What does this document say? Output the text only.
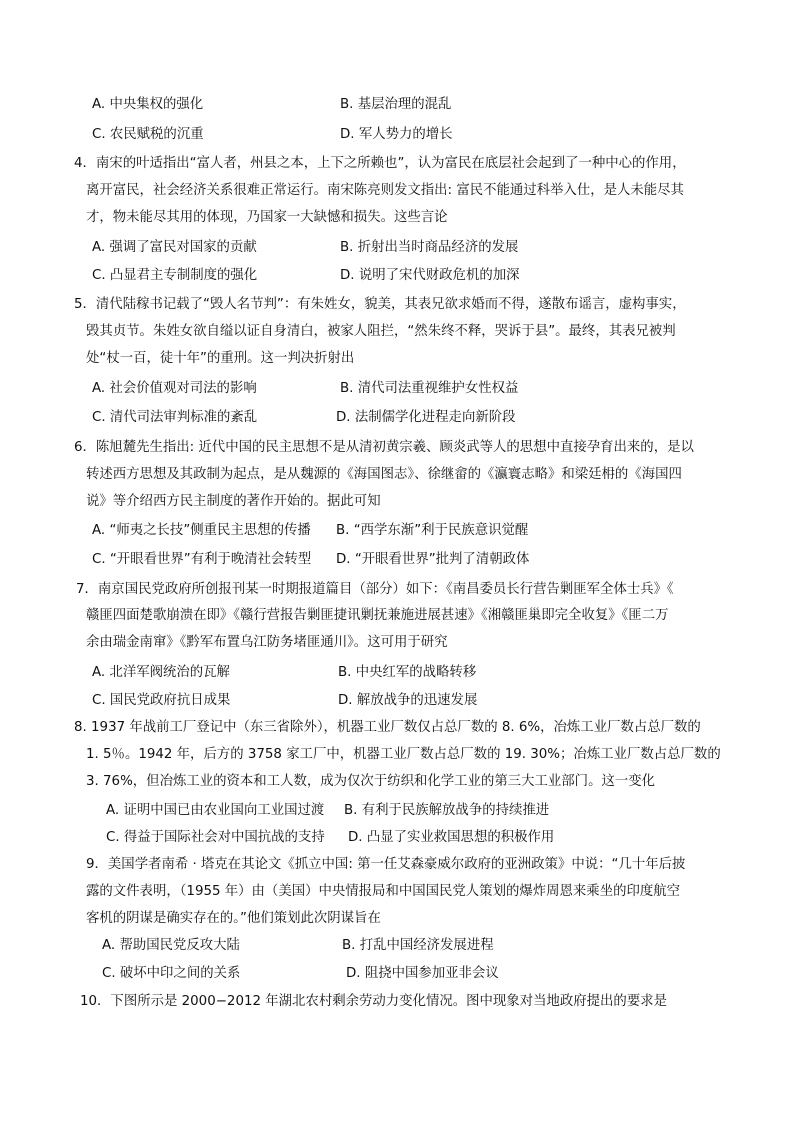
A. 中央集权的强化	B. 基层治理的混乱
C. 农民赋税的沉重	D. 军人势力的增长
4．南宋的叶适指出“富人者，州县之本，上下之所赖也”，认为富民在底层社会起到了一种中心的作用，
离开富民，社会经济关系很难正常运行。南宋陈亮则发文指出: 富民不能通过科举入仕，是人未能尽其
才，物未能尽其用的体现，乃国家一大缺憾和损失。这些言论
A. 强调了富民对国家的贡献	B. 折射出当时商品经济的发展
C. 凸显君主专制制度的强化	D. 说明了宋代财政危机的加深
5．清代陆稼书记载了“毁人名节判”：有朱姓女，貌美，其表兄欲求婚而不得，遂散布谣言，虚构事实，
毁其贞节。朱姓女欲自缢以证自身清白，被家人阻拦，“然朱终不释，哭诉于县”。最终，其表兄被判
处“杖一百，徒十年”的重刑。这一判决折射出
A. 社会价值观对司法的影响	B. 清代司法重视维护女性权益
C. 清代司法审判标准的紊乱	D. 法制儒学化进程走向新阶段
6．陈旭麓先生指出: 近代中国的民主思想不是从清初黄宗羲、顾炎武等人的思想中直接孕育出来的，是以
转述西方思想及其政制为起点，是从魏源的《海国图志》、徐继畲的《瀛寰志略》和梁廷枏的《海国四
说》等介绍西方民主制度的著作开始的。据此可知
A. “师夷之长技”侧重民主思想的传播 B. “西学东渐”利于民族意识觉醒
C. “开眼看世界”有利于晚清社会转型 D. “开眼看世界”批判了清朝政体
7．南京国民党政府所创报刊某一时期报道篇目（部分）如下：《南昌委员长行营告剿匪军全体士兵》《
赣匪四面楚歌崩溃在即》《赣行营报告剿匪捷讯剿抚兼施进展甚速》《湘赣匪巢即完全收复》《匪二万
余由瑞金南窜》《黔军布置乌江防务堵匪通川》。这可用于研究
A. 北洋军阀统治的瓦解	B. 中央红军的战略转移
C. 国民党政府抗日成果	D. 解放战争的迅速发展
8. 1937 年战前工厂登记中（东三省除外），机器工业厂数仅占总厂数的 8. 6%，冶炼工业厂数占总厂数的
1. 5％。1942 年，后方的 3758 家工厂中，机器工业厂数占总厂数的 19. 30%；冶炼工业厂数占总厂数的
3. 76%，但冶炼工业的资本和工人数，成为仅次于纺织和化学工业的第三大工业部门。这一变化
A. 证明中国已由农业国向工业国过渡 B. 有利于民族解放战争的持续推进
C. 得益于国际社会对中国抗战的支持 D. 凸显了实业救国思想的积极作用
9．美国学者南希 · 塔克在其论文《抓立中国: 第一任艾森豪威尔政府的亚洲政策》中说：“几十年后披
露的文件表明，（1955 年）由（美国）中央情报局和中国国民党人策划的爆炸周恩来乘坐的印度航空
客机的阴谋是确实存在的。”他们策划此次阴谋旨在
A. 帮助国民党反攻大陆	B. 打乱中国经济发展进程
C. 破坏中印之间的关系	D. 阻挠中国参加亚非会议
10．下图所示是 2000−2012 年湖北农村剩余劳动力变化情况。图中现象对当地政府提出的要求是
